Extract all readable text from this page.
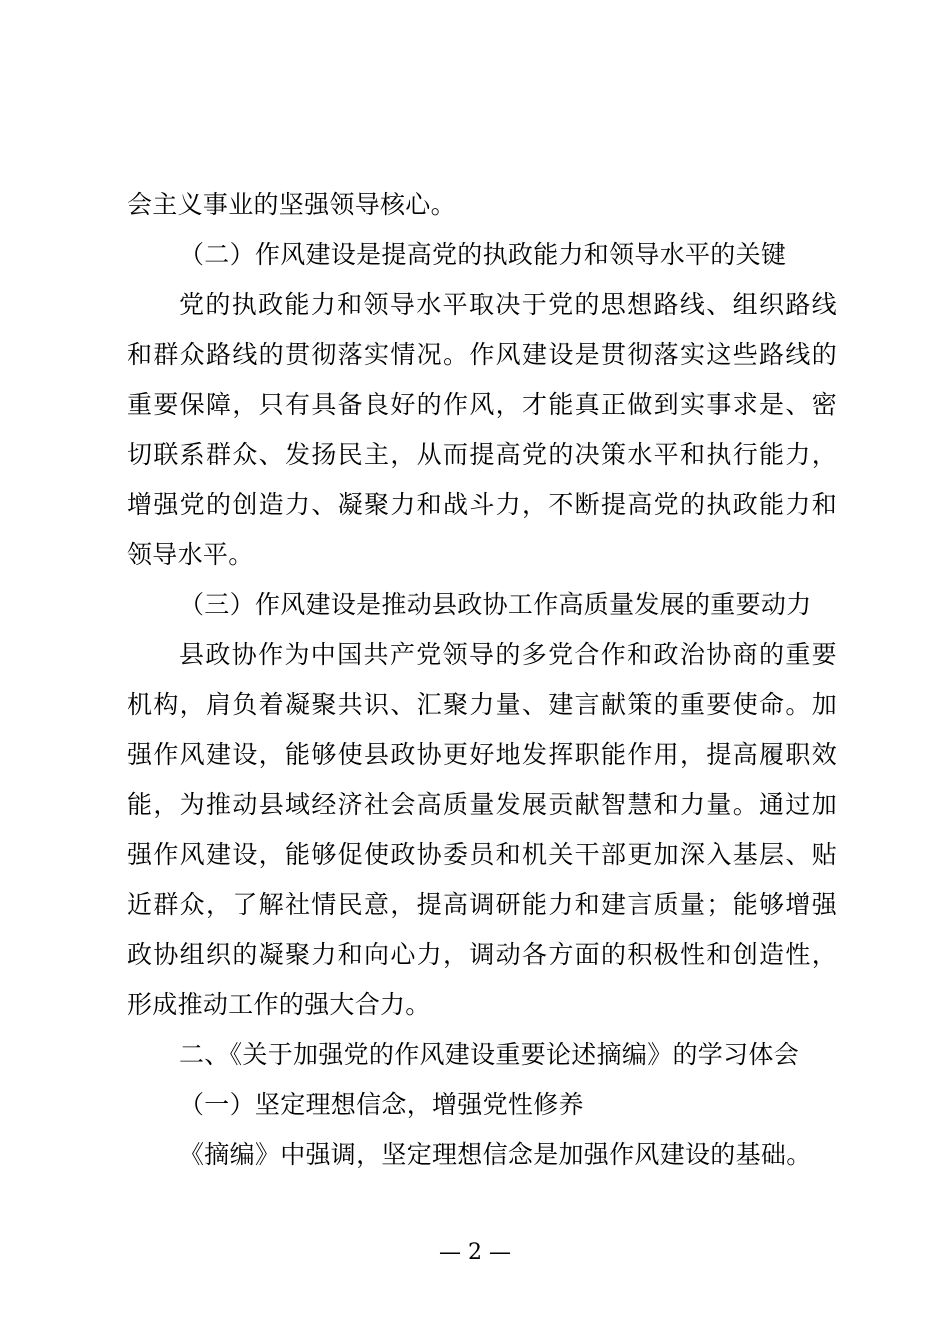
会主义事业的坚强领导核心。
（二）作风建设是提高党的执政能力和领导水平的关键
党的执政能力和领导水平取决于党的思想路线、组织路线
和群众路线的贯彻落实情况。作风建设是贯彻落实这些路线的
重要保障，只有具备良好的作风，才能真正做到实事求是、密
切联系群众、发扬民主，从而提高党的决策水平和执行能力，
增强党的创造力、凝聚力和战斗力，不断提高党的执政能力和
领导水平。
（三）作风建设是推动县政协工作高质量发展的重要动力
县政协作为中国共产党领导的多党合作和政治协商的重要
机构，肩负着凝聚共识、汇聚力量、建言献策的重要使命。加
强作风建设，能够使县政协更好地发挥职能作用，提高履职效
能，为推动县域经济社会高质量发展贡献智慧和力量。通过加
强作风建设，能够促使政协委员和机关干部更加深入基层、贴
近群众，了解社情民意，提高调研能力和建言质量；能够增强
政协组织的凝聚力和向心力，调动各方面的积极性和创造性，
形成推动工作的强大合力。
二、《关于加强党的作风建设重要论述摘编》的学习体会
（一）坚定理想信念，增强党性修养
《摘编》中强调，坚定理想信念是加强作风建设的基础。
— 2 —
